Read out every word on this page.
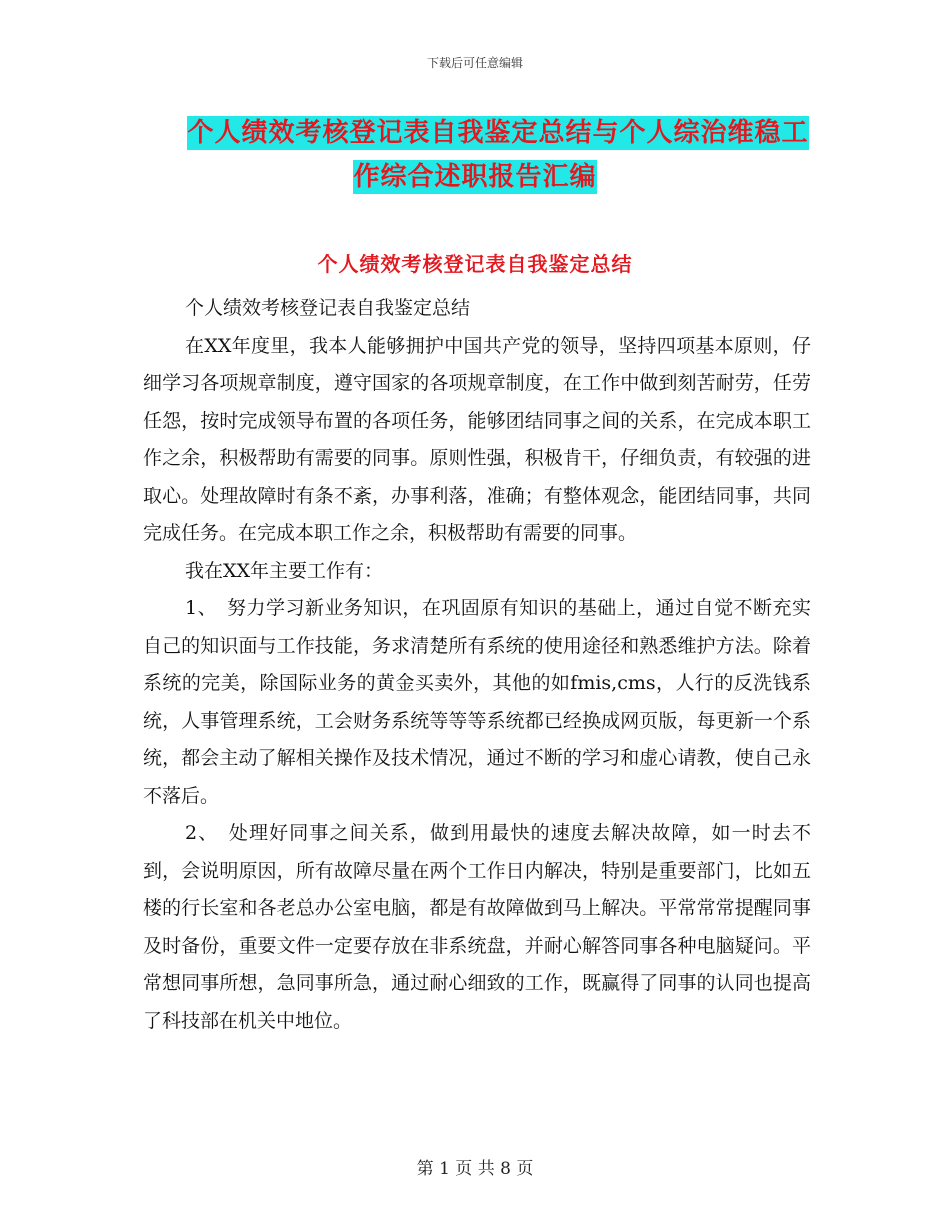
下载后可任意编辑
个人绩效考核登记表自我鉴定总结与个人综治维稳工
作综合述职报告汇编
个人绩效考核登记表自我鉴定总结

个人绩效考核登记表自我鉴定总结

在XX年度里，我本人能够拥护中国共产党的领导，坚持四项基本原则，仔细学习各项规章制度，遵守国家的各项规章制度，在工作中做到刻苦耐劳，任劳任怨，按时完成领导布置的各项任务，能够团结同事之间的关系，在完成本职工作之余，积极帮助有需要的同事。原则性强，积极肯干，仔细负责，有较强的进取心。处理故障时有条不紊，办事利落，准确；有整体观念，能团结同事，共同完成任务。在完成本职工作之余，积极帮助有需要的同事。

我在XX年主要工作有：

1、　努力学习新业务知识，在巩固原有知识的基础上，通过自觉不断充实自己的知识面与工作技能，务求清楚所有系统的使用途径和熟悉维护方法。除着系统的完美，除国际业务的黄金买卖外，其他的如fmis,cms，人行的反洗钱系统，人事管理系统，工会财务系统等等等系统都已经换成网页版，每更新一个系统，都会主动了解相关操作及技术情况，通过不断的学习和虚心请教，使自己永不落后。

2、　处理好同事之间关系，做到用最快的速度去解决故障，如一时去不到，会说明原因，所有故障尽量在两个工作日内解决，特别是重要部门，比如五楼的行长室和各老总办公室电脑，都是有故障做到马上解决。平常常常提醒同事及时备份，重要文件一定要存放在非系统盘，并耐心解答同事各种电脑疑问。平常想同事所想，急同事所急，通过耐心细致的工作，既赢得了同事的认同也提高了科技部在机关中地位。

第 1 页 共 8 页
